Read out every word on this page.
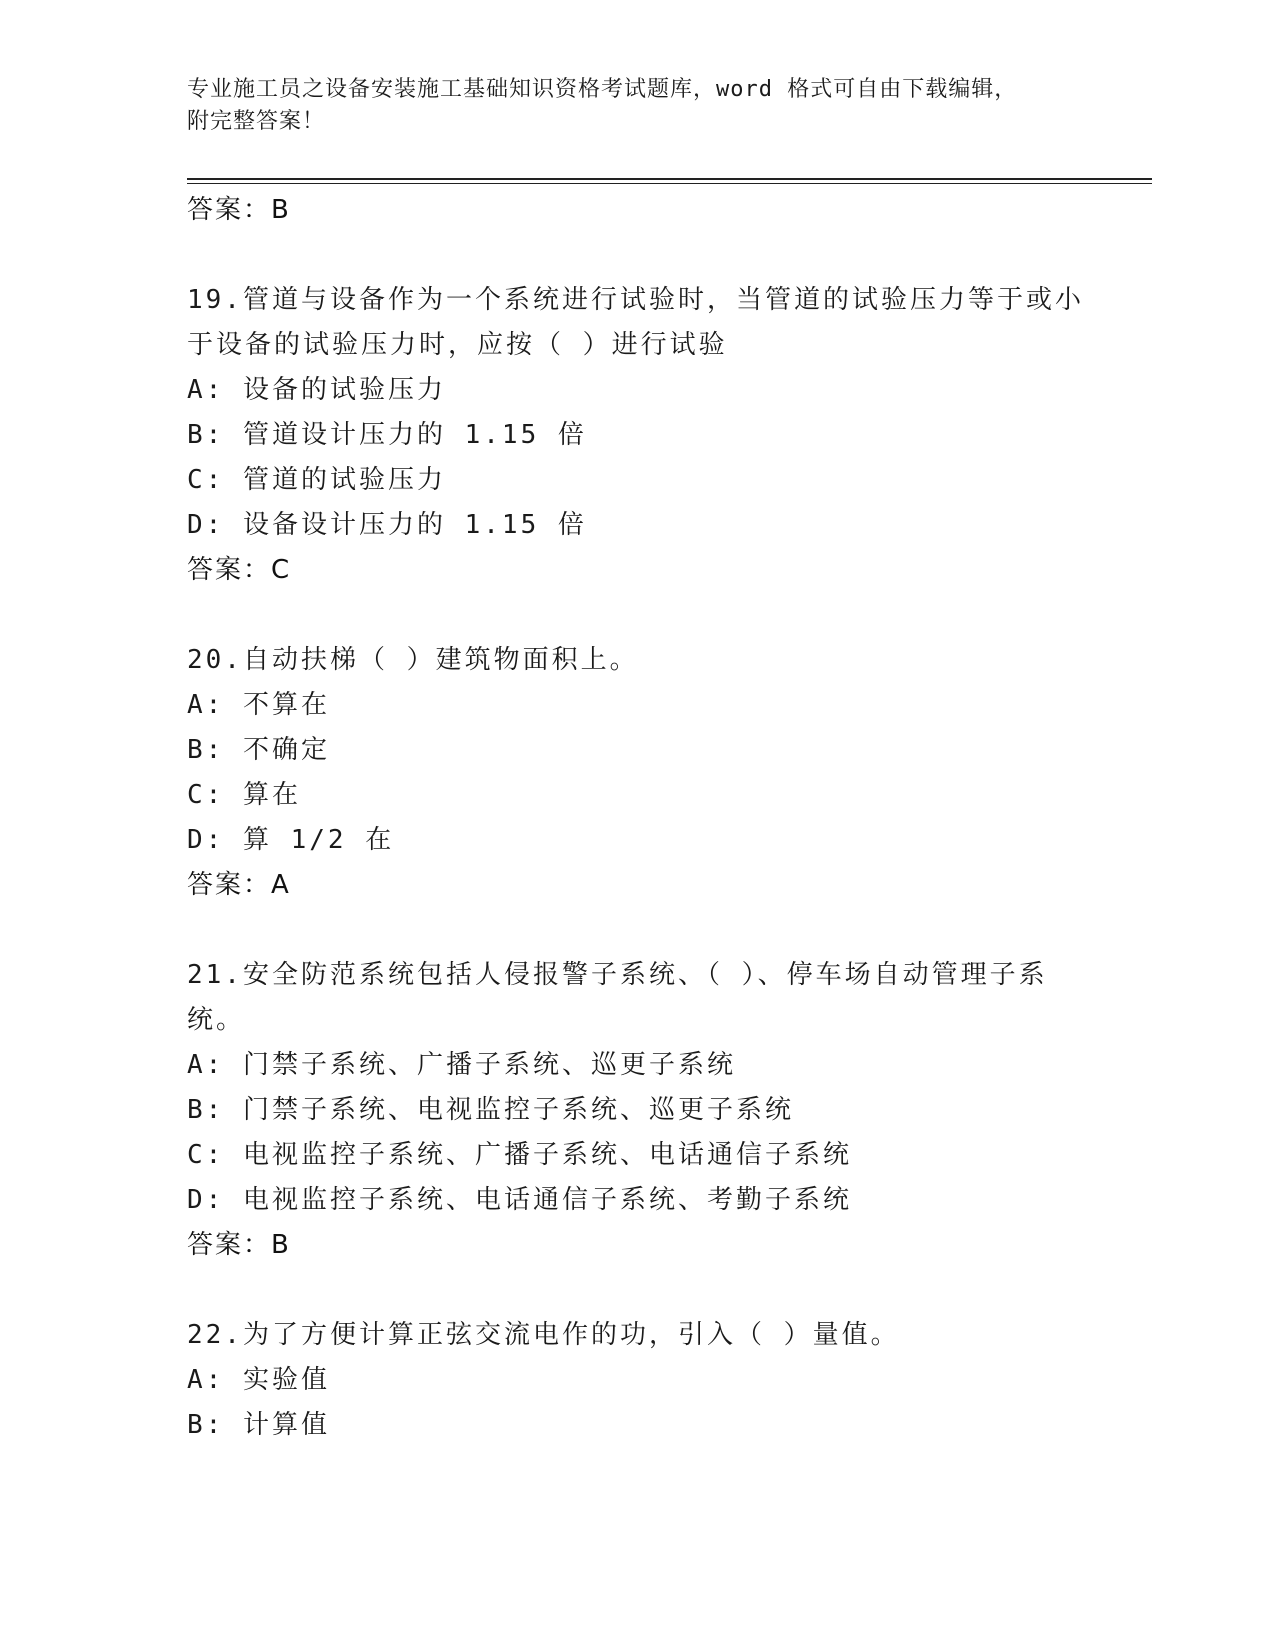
专业施工员之设备安装施工基础知识资格考试题库，word 格式可自由下载编辑，
附完整答案！
答案：B
19.管道与设备作为一个系统进行试验时，当管道的试验压力等于或小
于设备的试验压力时，应按（ ）进行试验
A: 设备的试验压力
B: 管道设计压力的 1.15 倍
C: 管道的试验压力
D: 设备设计压力的 1.15 倍
答案：C
20.自动扶梯（ ）建筑物面积上。
A: 不算在
B: 不确定
C: 算在
D: 算 1/2 在
答案：A
21.安全防范系统包括人侵报警子系统、（ ）、停车场自动管理子系
统。
A: 门禁子系统、广播子系统、巡更子系统
B: 门禁子系统、电视监控子系统、巡更子系统
C: 电视监控子系统、广播子系统、电话通信子系统
D: 电视监控子系统、电话通信子系统、考勤子系统
答案：B
22.为了方便计算正弦交流电作的功，引入（ ）量值。
A: 实验值
B: 计算值
